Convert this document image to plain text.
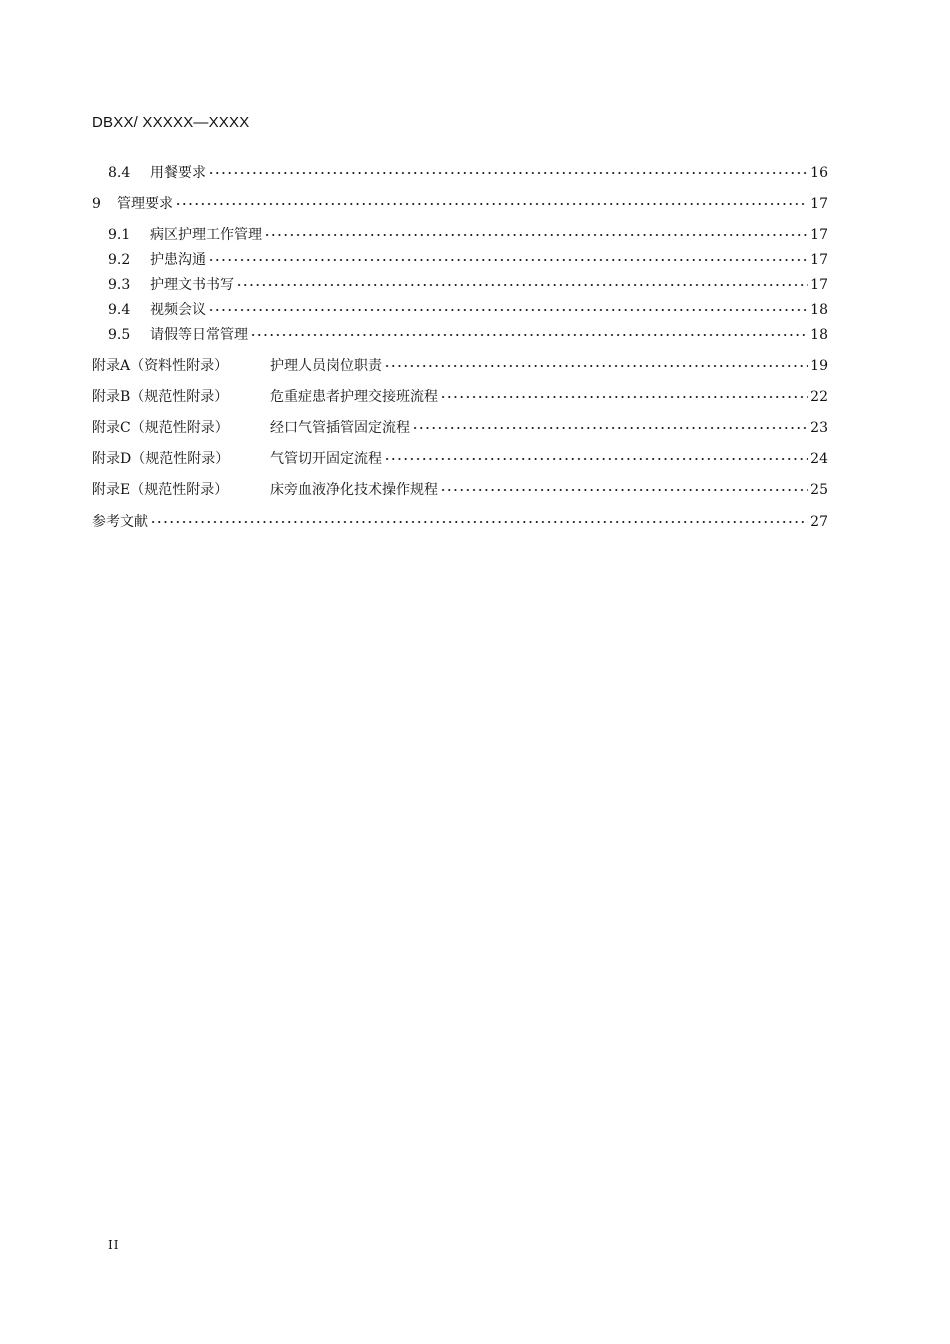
DBXX/ XXXXX—XXXX
8.4	用餐要求	16
9	管理要求	17
9.1	病区护理工作管理	17
9.2	护患沟通	17
9.3	护理文书书写	17
9.4	视频会议	18
9.5	请假等日常管理	18
附录A（资料性附录）	护理人员岗位职责	19
附录B（规范性附录）	危重症患者护理交接班流程	22
附录C（规范性附录）	经口气管插管固定流程	23
附录D（规范性附录）	气管切开固定流程	24
附录E（规范性附录）	床旁血液净化技术操作规程	25
参考文献	27
II
